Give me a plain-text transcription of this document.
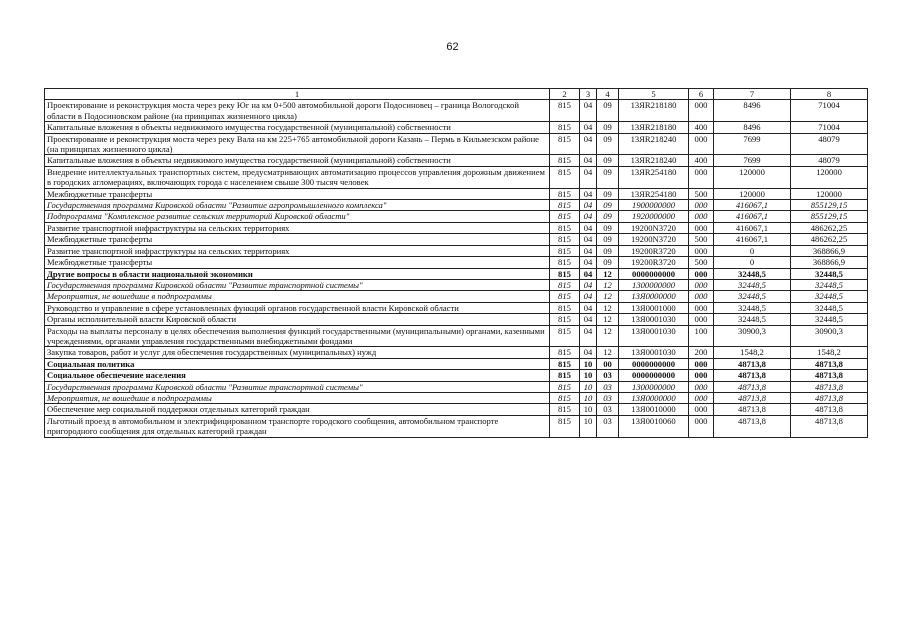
62
1	2	3	4	5	6	7	8
Проектирование и реконструкция моста через реку Юг на км 0+500 автомобильной дороги Подосиновец – граница Вологодской области в Подосиновском районе (на принципах жизненного цикла)	815	04	09	13ЯR218180	000	8496	71004
Капитальные вложения в объекты недвижимого имущества государственной (муниципальной) собственности	815	04	09	13ЯR218180	400	8496	71004
Проектирование и реконструкция моста через реку Вала на км 225+765 автомобильной дороги Казань – Пермь в Кильмезском районе (на принципах жизненного цикла)	815	04	09	13ЯR218240	000	7699	48079
Капитальные вложения в объекты недвижимого имущества государственной (муниципальной) собственности	815	04	09	13ЯR218240	400	7699	48079
Внедрение интеллектуальных транспортных систем, предусматривающих автоматизацию процессов управления дорожным движением в городских агломерациях, включающих города с населением свыше 300 тысяч человек	815	04	09	13ЯR254180	000	120000	120000
Межбюджетные трансферты	815	04	09	13ЯR254180	500	120000	120000
Государственная программа Кировской области "Развитие агропромышленного комплекса"	815	04	09	1900000000	000	416067,1	855129,15
Подпрограмма "Комплексное развитие сельских территорий Кировской области"	815	04	09	1920000000	000	416067,1	855129,15
Развитие транспортной инфраструктуры на сельских территориях	815	04	09	19200N3720	000	416067,1	486262,25
Межбюджетные трансферты	815	04	09	19200N3720	500	416067,1	486262,25
Развитие транспортной инфраструктуры на сельских территориях	815	04	09	19200R3720	000	0	368866,9
Межбюджетные трансферты	815	04	09	19200R3720	500	0	368866,9
Другие вопросы в области национальной экономики	815	04	12	0000000000	000	32448,5	32448,5
Государственная программа Кировской области "Развитие транспортной системы"	815	04	12	1300000000	000	32448,5	32448,5
Мероприятия, не вошедшие в подпрограммы	815	04	12	13Я0000000	000	32448,5	32448,5
Руководство и управление в сфере установленных функций органов государственной власти Кировской области	815	04	12	13Я0001000	000	32448,5	32448,5
Органы исполнительной власти Кировской области	815	04	12	13Я0001030	000	32448,5	32448,5
Расходы на выплаты персоналу в целях обеспечения выполнения функций государственными (муниципальными) органами, казенными учреждениями, органами управления государственными внебюджетными фондами	815	04	12	13Я0001030	100	30900,3	30900,3
Закупка товаров, работ и услуг для обеспечения государственных (муниципальных) нужд	815	04	12	13Я0001030	200	1548,2	1548,2
Социальная политика	815	10	00	0000000000	000	48713,8	48713,8
Социальное обеспечение населения	815	10	03	0000000000	000	48713,8	48713,8
Государственная программа Кировской области "Развитие транспортной системы"	815	10	03	1300000000	000	48713,8	48713,8
Мероприятия, не вошедшие в подпрограммы	815	10	03	13Я0000000	000	48713,8	48713,8
Обеспечение мер социальной поддержки отдельных категорий граждан	815	10	03	13Я0010000	000	48713,8	48713,8
Льготный проезд в автомобильном и электрифицированном транспорте городского сообщения, автомобильном транспорте пригородного сообщения для отдельных категорий граждан	815	10	03	13Я0010060	000	48713,8	48713,8
